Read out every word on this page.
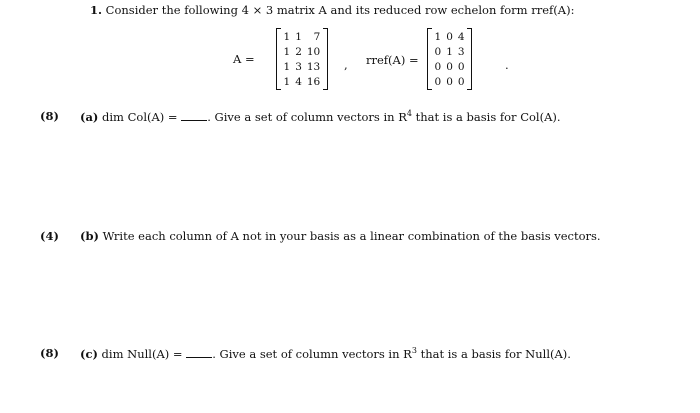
1. Consider the following 4 × 3 matrix A and its reduced row echelon form rref(A):
A =
1	1	7
1	2	10
1	3	13
1	4	16
, rref(A) =
1	0	4
0	1	3
0	0	0
0	0	0
.
(8) (a) dim Col(A) =	. Give a set of column vectors in $R^4$ that is a basis for Col(A).
(4) (b) Write each column of A not in your basis as a linear combination of the basis vectors.
(8) (c) dim Null(A) =	. Give a set of column vectors in $R^3$ that is a basis for Null(A).
